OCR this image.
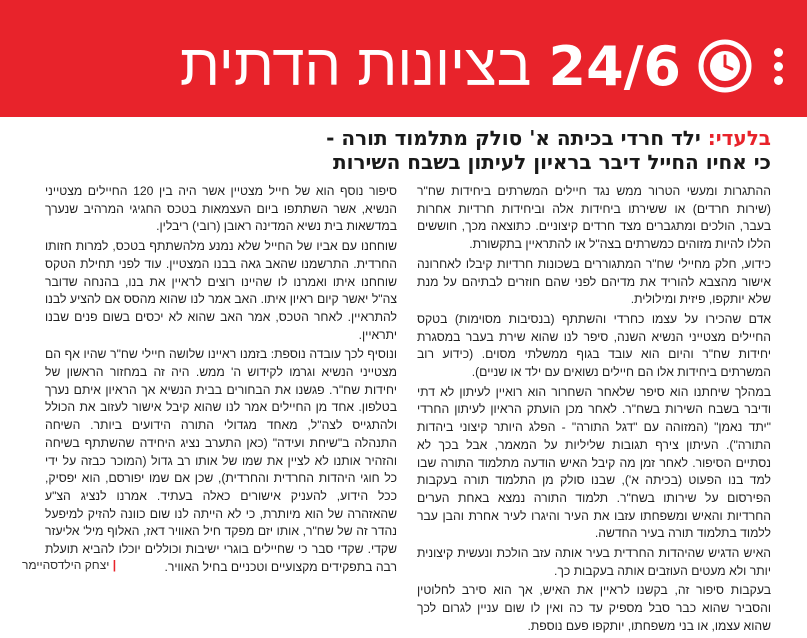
24/6 בציונות הדתית
בלעדי: ילד חרדי בכיתה א' סולק מתלמוד תורה -
כי אחיו החייל דיבר בראיון לעיתון בשבח השירות

ההתגרות ומעשי הטרור ממש נגד חיילים המשרתים ביחידות שח"ר (שירות חרדים) או ששירתו ביחידות אלה וביחידות חרדיות אחרות בעבר, הולכים ומתגברים מצד חרדים קיצוניים. כתוצאה מכך, חוששים הללו להיות מזוהים כמשרתים בצה"ל או להתראיין בתקשורת.

כידוע, חלק מחיילי שח"ר המתגוררים בשכונות חרדיות קיבלו לאחרונה אישור מהצבא להוריד את מדיהם לפני שהם חוזרים לבתיהם על מנת שלא יותקפו, פיזית ומילולית.

אדם שהכירו על עצמו כחרדי והשתתף (בנסיבות מסוימות) בטקס החיילים מצטייני הנשיא השנה, סיפר לנו שהוא שירת בעבר במסגרת יחידות שח"ר והיום הוא עובד בגוף ממשלתי מסוים. (כידוע רוב המשרתים ביחידות אלו הם חיילים נשואים עם ילד או שניים).

במהלך שיחתנו הוא סיפר שלאחר השחרור הוא רואיין לעיתון לא דתי ודיבר בשבח השירות בשח"ר. לאחר מכן הועתק הראיון לעיתון החרדי "יתד נאמן" (המזוהה עם "דגל התורה" - הפלג היותר קיצוני ביהדות התורה"). העיתון צירף תגובות שליליות על המאמר, אבל בכך לא נסתיים הסיפור. לאחר זמן מה קיבל האיש הודעה מתלמוד התורה שבו למד בנו הפעוט (בכיתה א'), שבנו סולק מן התלמוד תורה בעקבות הפירסום על שירותו בשח"ר. תלמוד התורה נמצא באחת הערים החרדיות והאיש ומשפחתו עזבו את העיר והיגרו לעיר אחרת והבן עבר ללמוד בתלמוד תורה בעיר החדשה.

האיש הדגיש שהיהדות החרדית בעיר אותה עזב הולכת ונעשית קיצונית יותר ולא מעטים העוזבים אותה בעקבות כך.

בעקבות סיפור זה, בקשנו לראיין את האיש, אך הוא סירב לחלוטין והסביר שהוא כבר סבל מספיק עד כה ואין לו שום עניין לגרום לכך שהוא עצמו, או בני משפחתו, יותקפו פעם נוספת.

סיפור נוסף הוא של חייל מצטיין אשר היה בין 120 החיילים מצטייני הנשיא, אשר השתתפו ביום העצמאות בטכס החגיגי המרהיב שנערך במדשאות בית נשיא המדינה ראובן (רובי) ריבלין.

שוחחנו עם אביו של החייל שלא נמנע מלהשתתף בטכס, למרות חזותו החרדית. התרשמנו שהאב גאה בבנו המצטיין. עוד לפני תחילת הטקס שוחחנו איתו ואמרנו לו שהיינו רוצים לראיין את בנו, בהנחה שדובר צה"ל יאשר קיום ראיון איתו. האב אמר לנו שהוא מהסס אם להציע לבנו להתראיין. לאחר הטכס, אמר האב שהוא לא יכסים בשום פנים שבנו יתראיין.

ונוסיף לכך עובדה נוספת: בזמנו ראיינו שלושה חיילי שח"ר שהיו אף הם מצטייני הנשיא וגרמו לקידוש ה' ממש. היה זה במחזור הראשון של יחידות שח"ר. פגשנו את הבחורים בבית הנשיא אך הראיון איתם נערך בטלפון. אחד מן החיילים אמר לנו שהוא קיבל אישור לעזוב את הכולל ולהתגייס לצה"ל, מאחד מגדולי התורה הידועים ביותר. השיחה התנהלה ב"שיחת ועידה" (כאן התערב נציג היחידה שהשתתף בשיחה והזהיר אותנו לא לציין את שמו של אותו רב גדול (המוכר כבזה על ידי כל חוגי היהדות החרדית והחרדית), שכן אם שמו יפורסם, הוא יפסיק, ככל הידוע, להעניק אישורים כאלה בעתיד. אמרנו לנציג הצ"ע שהאזהרה של הוא מיותרת, כי לא הייתה לנו שום כוונה להזיק למיפעל נהדר זה של שח"ר, אותו יזם מפקד חיל האוויר דאז, האלוף מיל' אליעזר שקדי. שקדי סבר כי שחיילים בוגרי ישיבות וכוללים יוכלו להביא תועלת רבה בתפקידים מקצועיים וטכניים בחיל האוויר.

| יצחק הילדסהיימר
